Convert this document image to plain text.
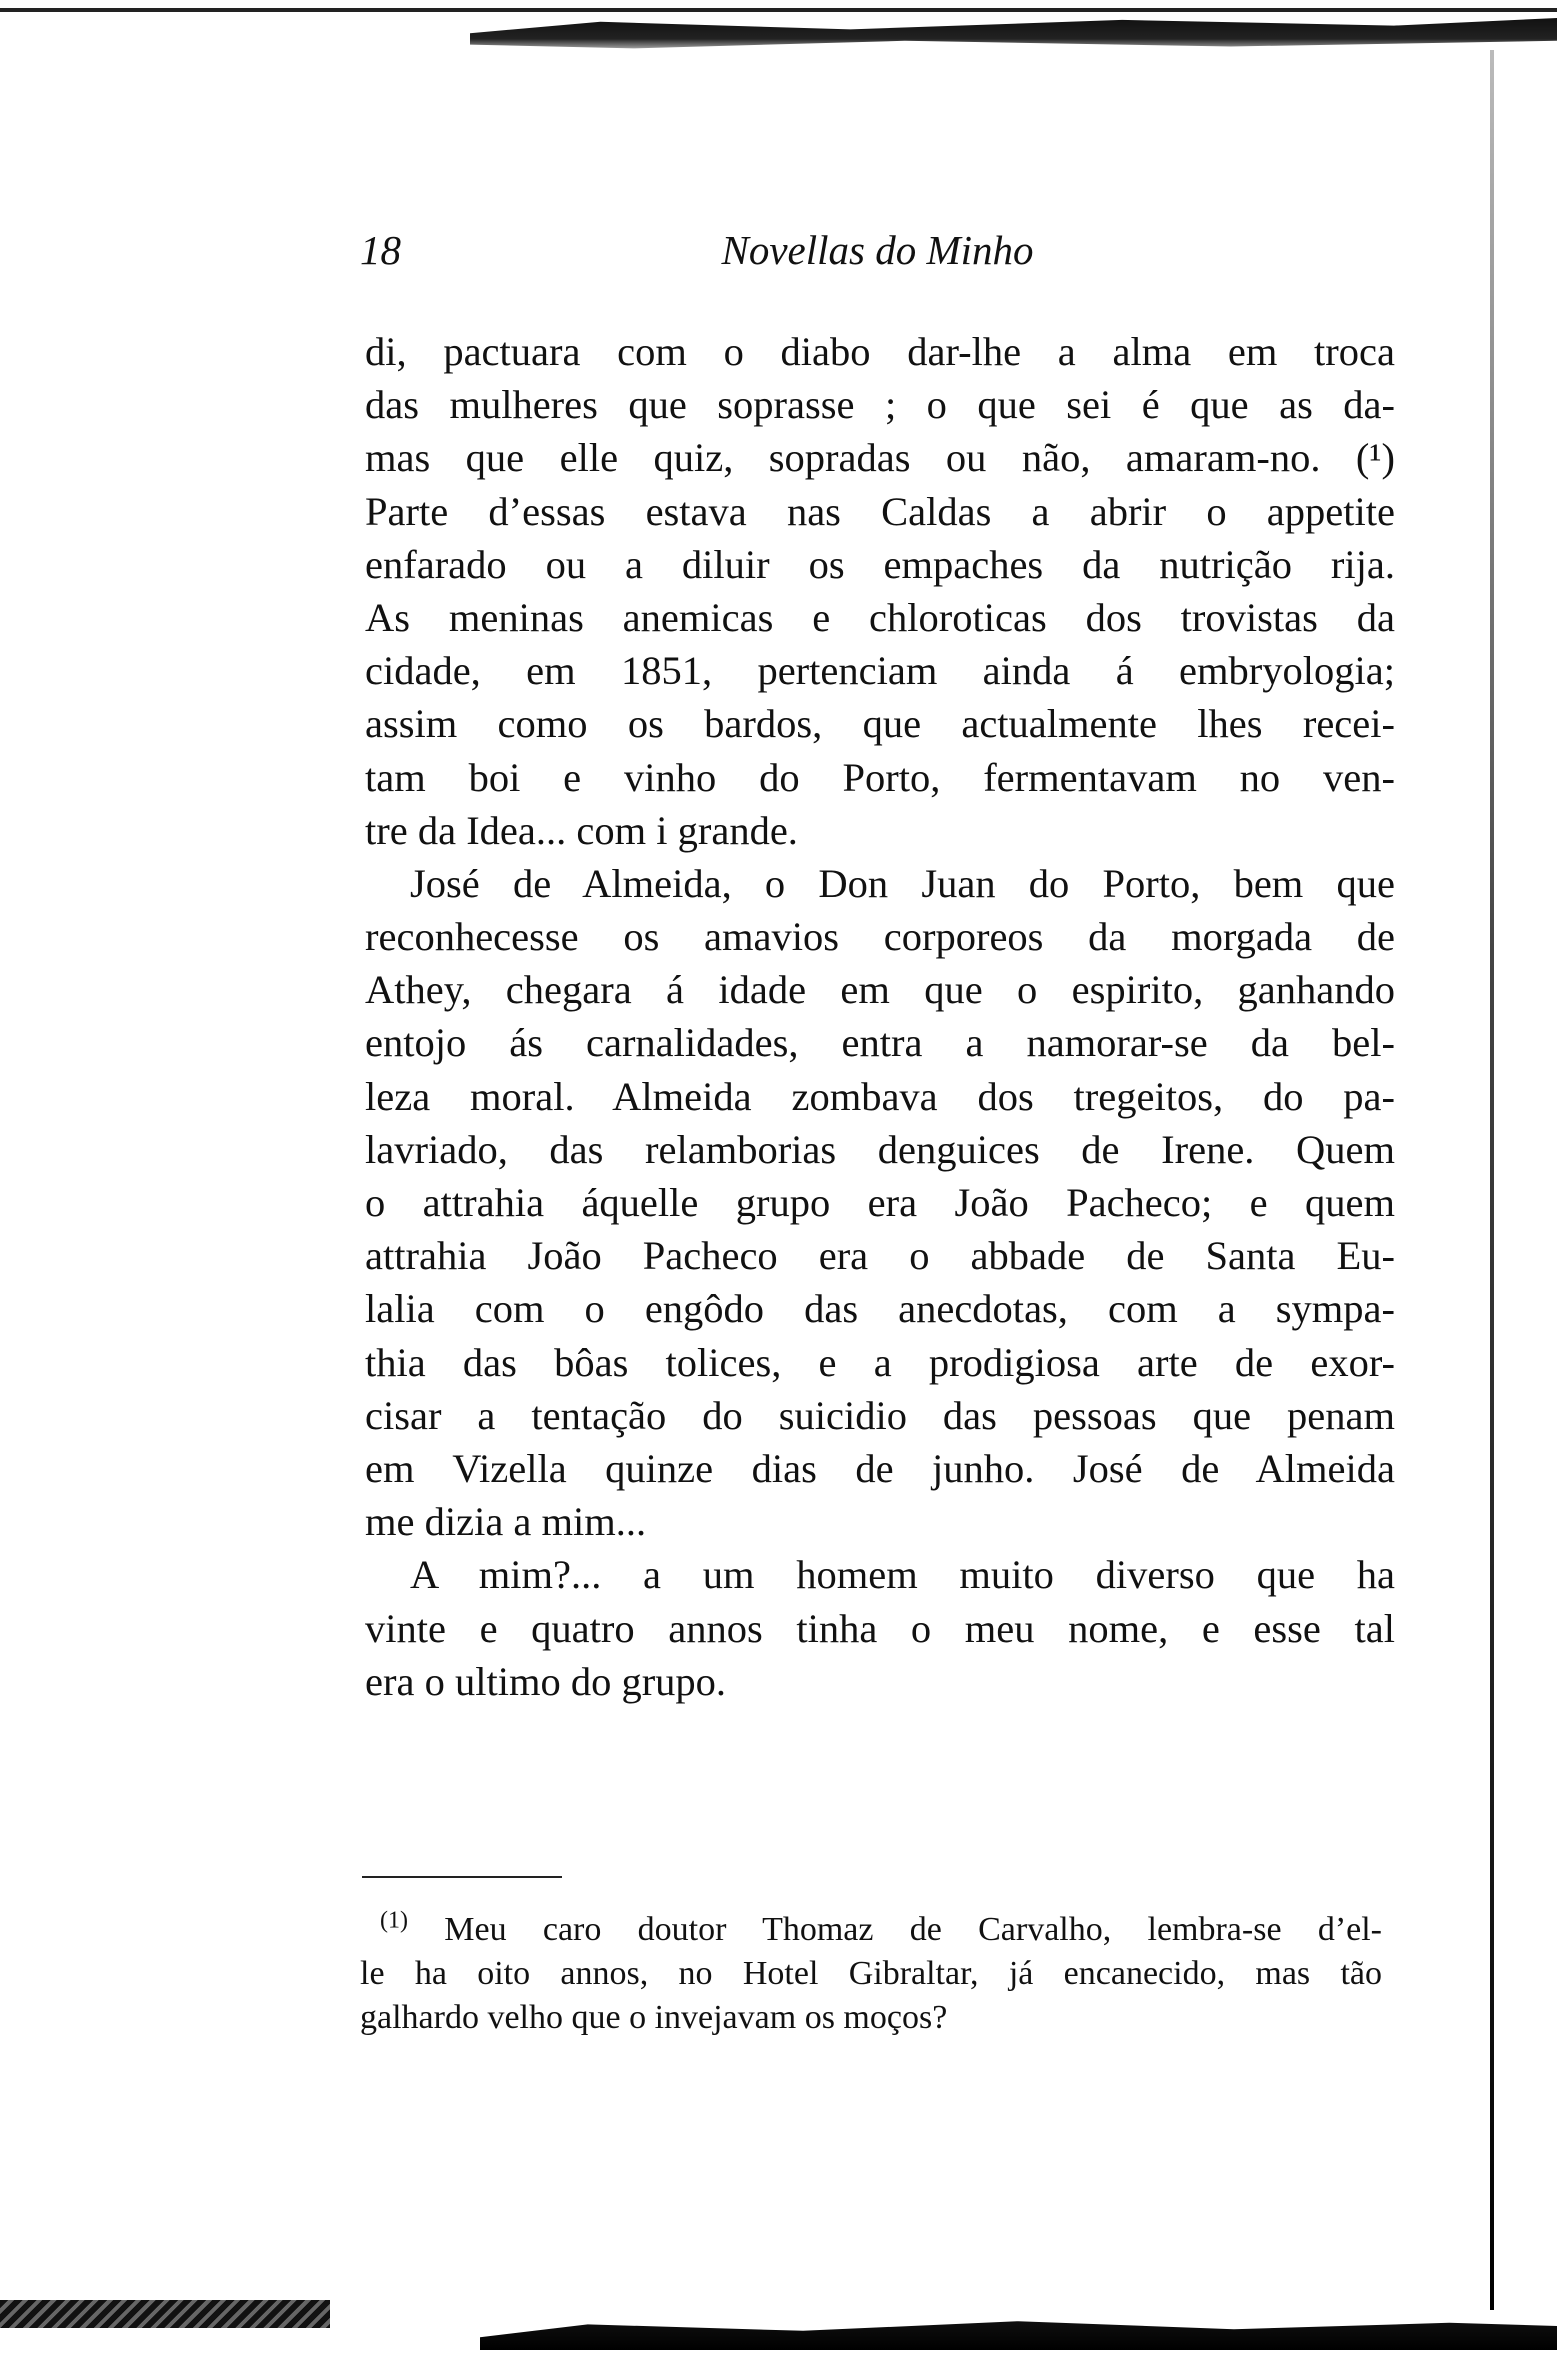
18	Novellas do Minho
di, pactuara com o diabo dar-lhe a alma em troca
das mulheres que soprasse ; o que sei é que as da-
mas que elle quiz, sopradas ou não, amaram-no. (¹)
Parte d’essas estava nas Caldas a abrir o appetite
enfarado ou a diluir os empaches da nutrição rija.
As meninas anemicas e chloroticas dos trovistas da
cidade, em 1851, pertenciam ainda á embryologia;
assim como os bardos, que actualmente lhes recei-
tam boi e vinho do Porto, fermentavam no ven-
tre da Idea... com i grande.
José de Almeida, o Don Juan do Porto, bem que
reconhecesse os amavios corporeos da morgada de
Athey, chegara á idade em que o espirito, ganhando
entojo ás carnalidades, entra a namorar-se da bel-
leza moral. Almeida zombava dos tregeitos, do pa-
lavriado, das relamborias denguices de Irene. Quem
o attrahia áquelle grupo era João Pacheco; e quem
attrahia João Pacheco era o abbade de Santa Eu-
lalia com o engôdo das anecdotas, com a sympa-
thia das bôas tolices, e a prodigiosa arte de exor-
cisar a tentação do suicidio das pessoas que penam
em Vizella quinze dias de junho. José de Almeida
me dizia a mim...
A mim?... a um homem muito diverso que ha
vinte e quatro annos tinha o meu nome, e esse tal
era o ultimo do grupo.
$^{(1)}$ Meu caro doutor Thomaz de Carvalho, lembra-se d’el-
le ha oito annos, no Hotel Gibraltar, já encanecido, mas tão
galhardo velho que o invejavam os moços?
